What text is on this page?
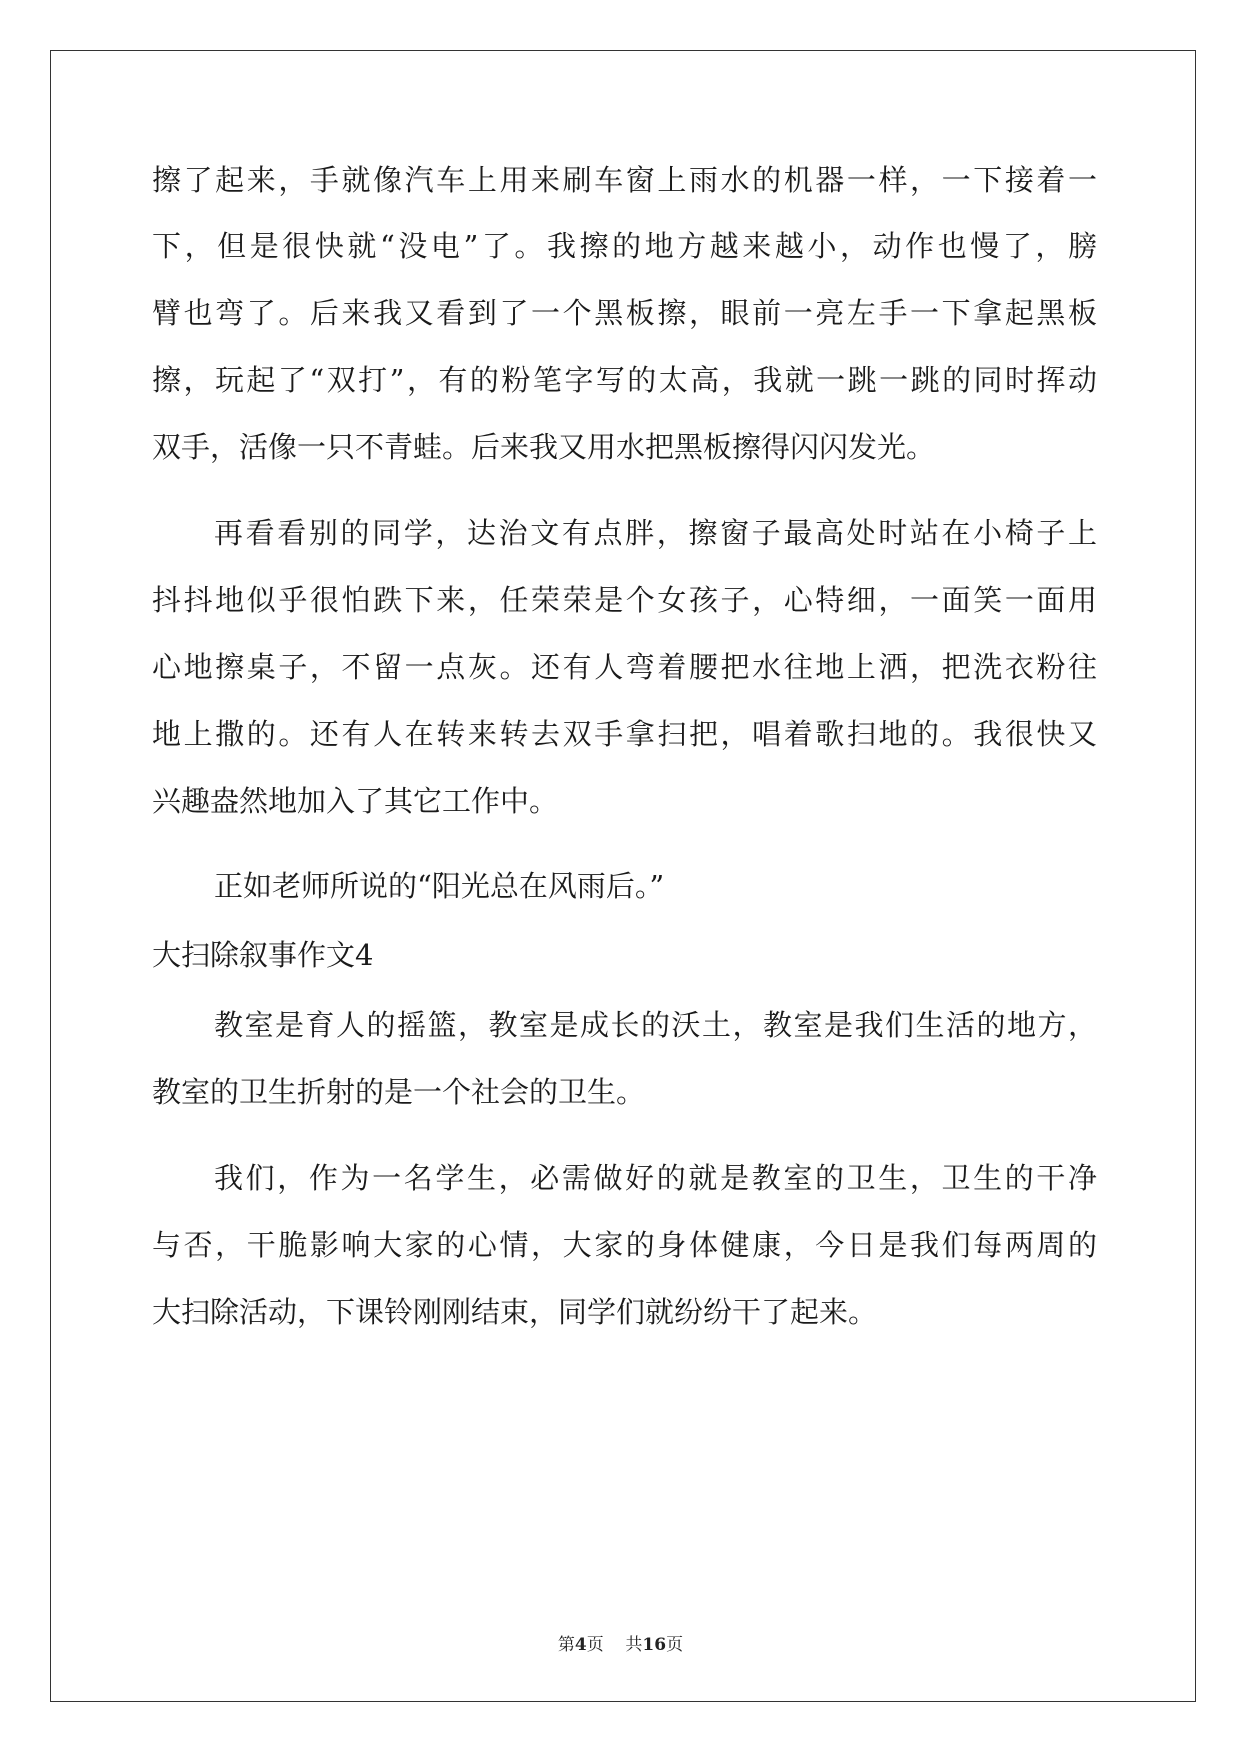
擦了起来，手就像汽车上用来刷车窗上雨水的机器一样，一下接着一
下，但是很快就“没电”了。我擦的地方越来越小，动作也慢了，膀
臂也弯了。后来我又看到了一个黑板擦，眼前一亮左手一下拿起黑板
擦，玩起了“双打”，有的粉笔字写的太高，我就一跳一跳的同时挥动
双手，活像一只不青蛙。后来我又用水把黑板擦得闪闪发光。
再看看别的同学，达治文有点胖，擦窗子最高处时站在小椅子上
抖抖地似乎很怕跌下来，任荣荣是个女孩子，心特细，一面笑一面用
心地擦桌子，不留一点灰。还有人弯着腰把水往地上洒，把洗衣粉往
地上撒的。还有人在转来转去双手拿扫把，唱着歌扫地的。我很快又
兴趣盎然地加入了其它工作中。
正如老师所说的“阳光总在风雨后。”
大扫除叙事作文4
教室是育人的摇篮，教室是成长的沃土，教室是我们生活的地方，
教室的卫生折射的是一个社会的卫生。
我们，作为一名学生，必需做好的就是教室的卫生，卫生的干净
与否，干脆影响大家的心情，大家的身体健康，今日是我们每两周的
大扫除活动，下课铃刚刚结束，同学们就纷纷干了起来。
第4页 共16页
